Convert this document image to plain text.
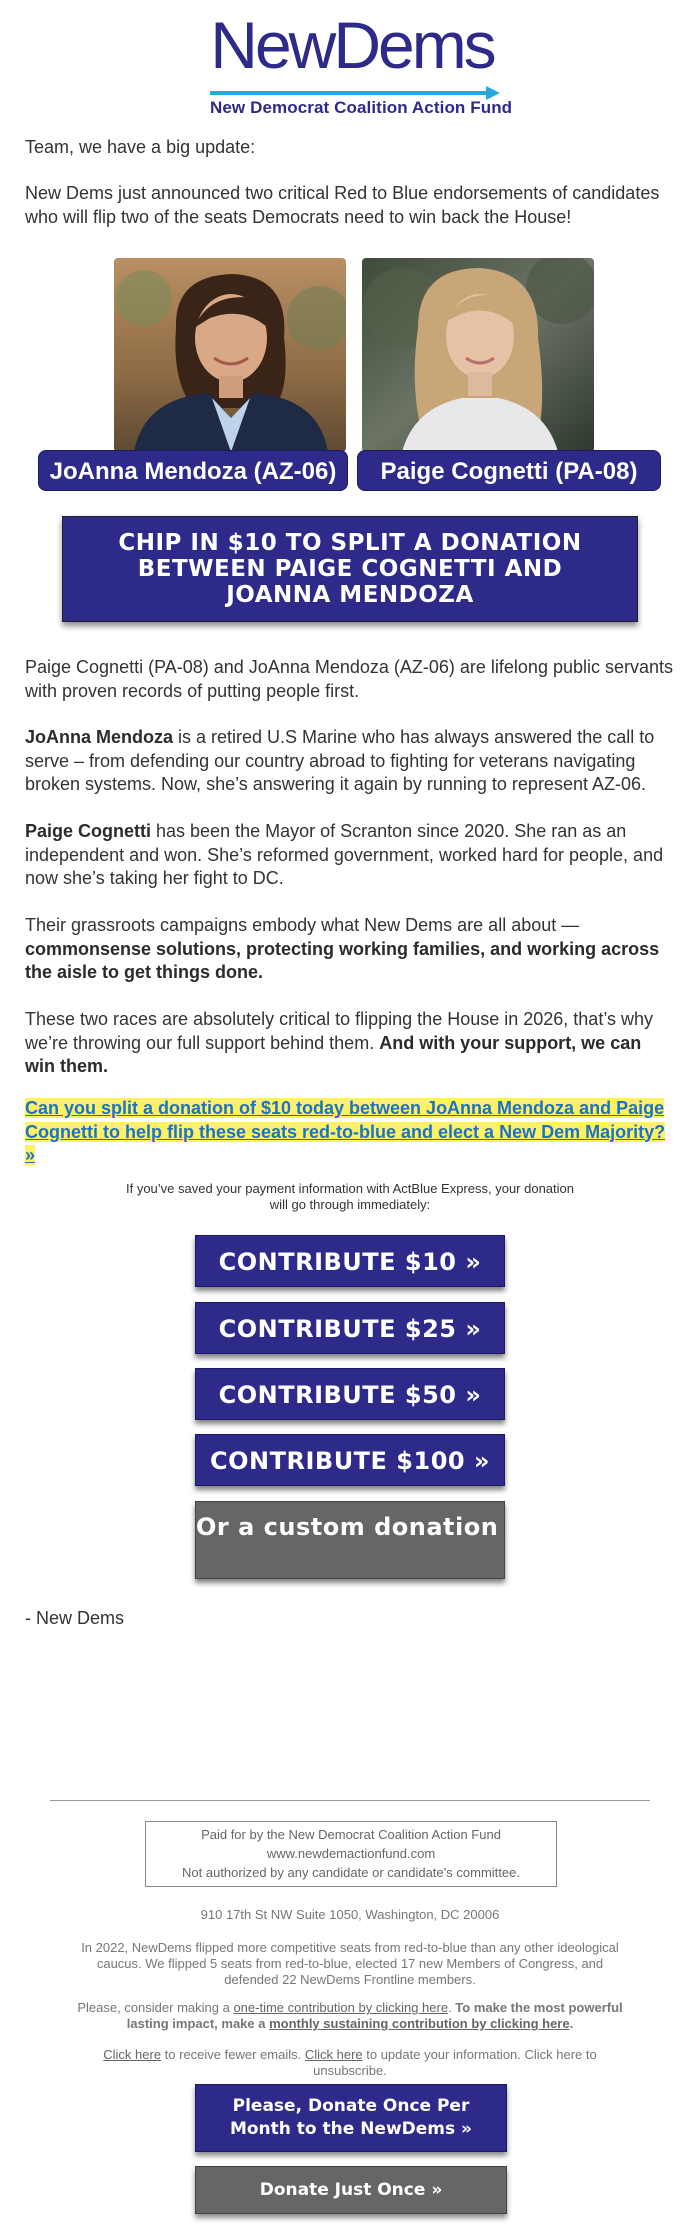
NewDems
New Democrat Coalition Action Fund
Team, we have a big update:
New Dems just announced two critical Red to Blue endorsements of candidates who will flip two of the seats Democrats need to win back the House!
JoAnna Mendoza (AZ-06)	Paige Cognetti (PA-08)
CHIP IN $10 TO SPLIT A DONATION BETWEEN PAIGE COGNETTI AND JOANNA MENDOZA
Paige Cognetti (PA-08) and JoAnna Mendoza (AZ-06) are lifelong public servants with proven records of putting people first.
JoAnna Mendoza is a retired U.S Marine who has always answered the call to serve – from defending our country abroad to fighting for veterans navigating broken systems. Now, she’s answering it again by running to represent AZ-06.
Paige Cognetti has been the Mayor of Scranton since 2020. She ran as an independent and won. She’s reformed government, worked hard for people, and now she’s taking her fight to DC.
Their grassroots campaigns embody what New Dems are all about — commonsense solutions, protecting working families, and working across the aisle to get things done.
These two races are absolutely critical to flipping the House in 2026, that’s why we’re throwing our full support behind them. And with your support, we can win them.
Can you split a donation of $10 today between JoAnna Mendoza and Paige Cognetti to help flip these seats red-to-blue and elect a New Dem Majority? »
If you’ve saved your payment information with ActBlue Express, your donation will go through immediately:
CONTRIBUTE $10 »
CONTRIBUTE $25 »
CONTRIBUTE $50 »
CONTRIBUTE $100 »
Or a custom donation »
- New Dems
Paid for by the New Democrat Coalition Action Fund
www.newdemactionfund.com
Not authorized by any candidate or candidate’s committee.
910 17th St NW Suite 1050, Washington, DC 20006
In 2022, NewDems flipped more competitive seats from red-to-blue than any other ideological caucus. We flipped 5 seats from red-to-blue, elected 17 new Members of Congress, and defended 22 NewDems Frontline members.
Please, consider making a one-time contribution by clicking here. To make the most powerful lasting impact, make a monthly sustaining contribution by clicking here.
Click here to receive fewer emails. Click here to update your information. Click here to unsubscribe.
Please, Donate Once Per Month to the NewDems »
Donate Just Once »
